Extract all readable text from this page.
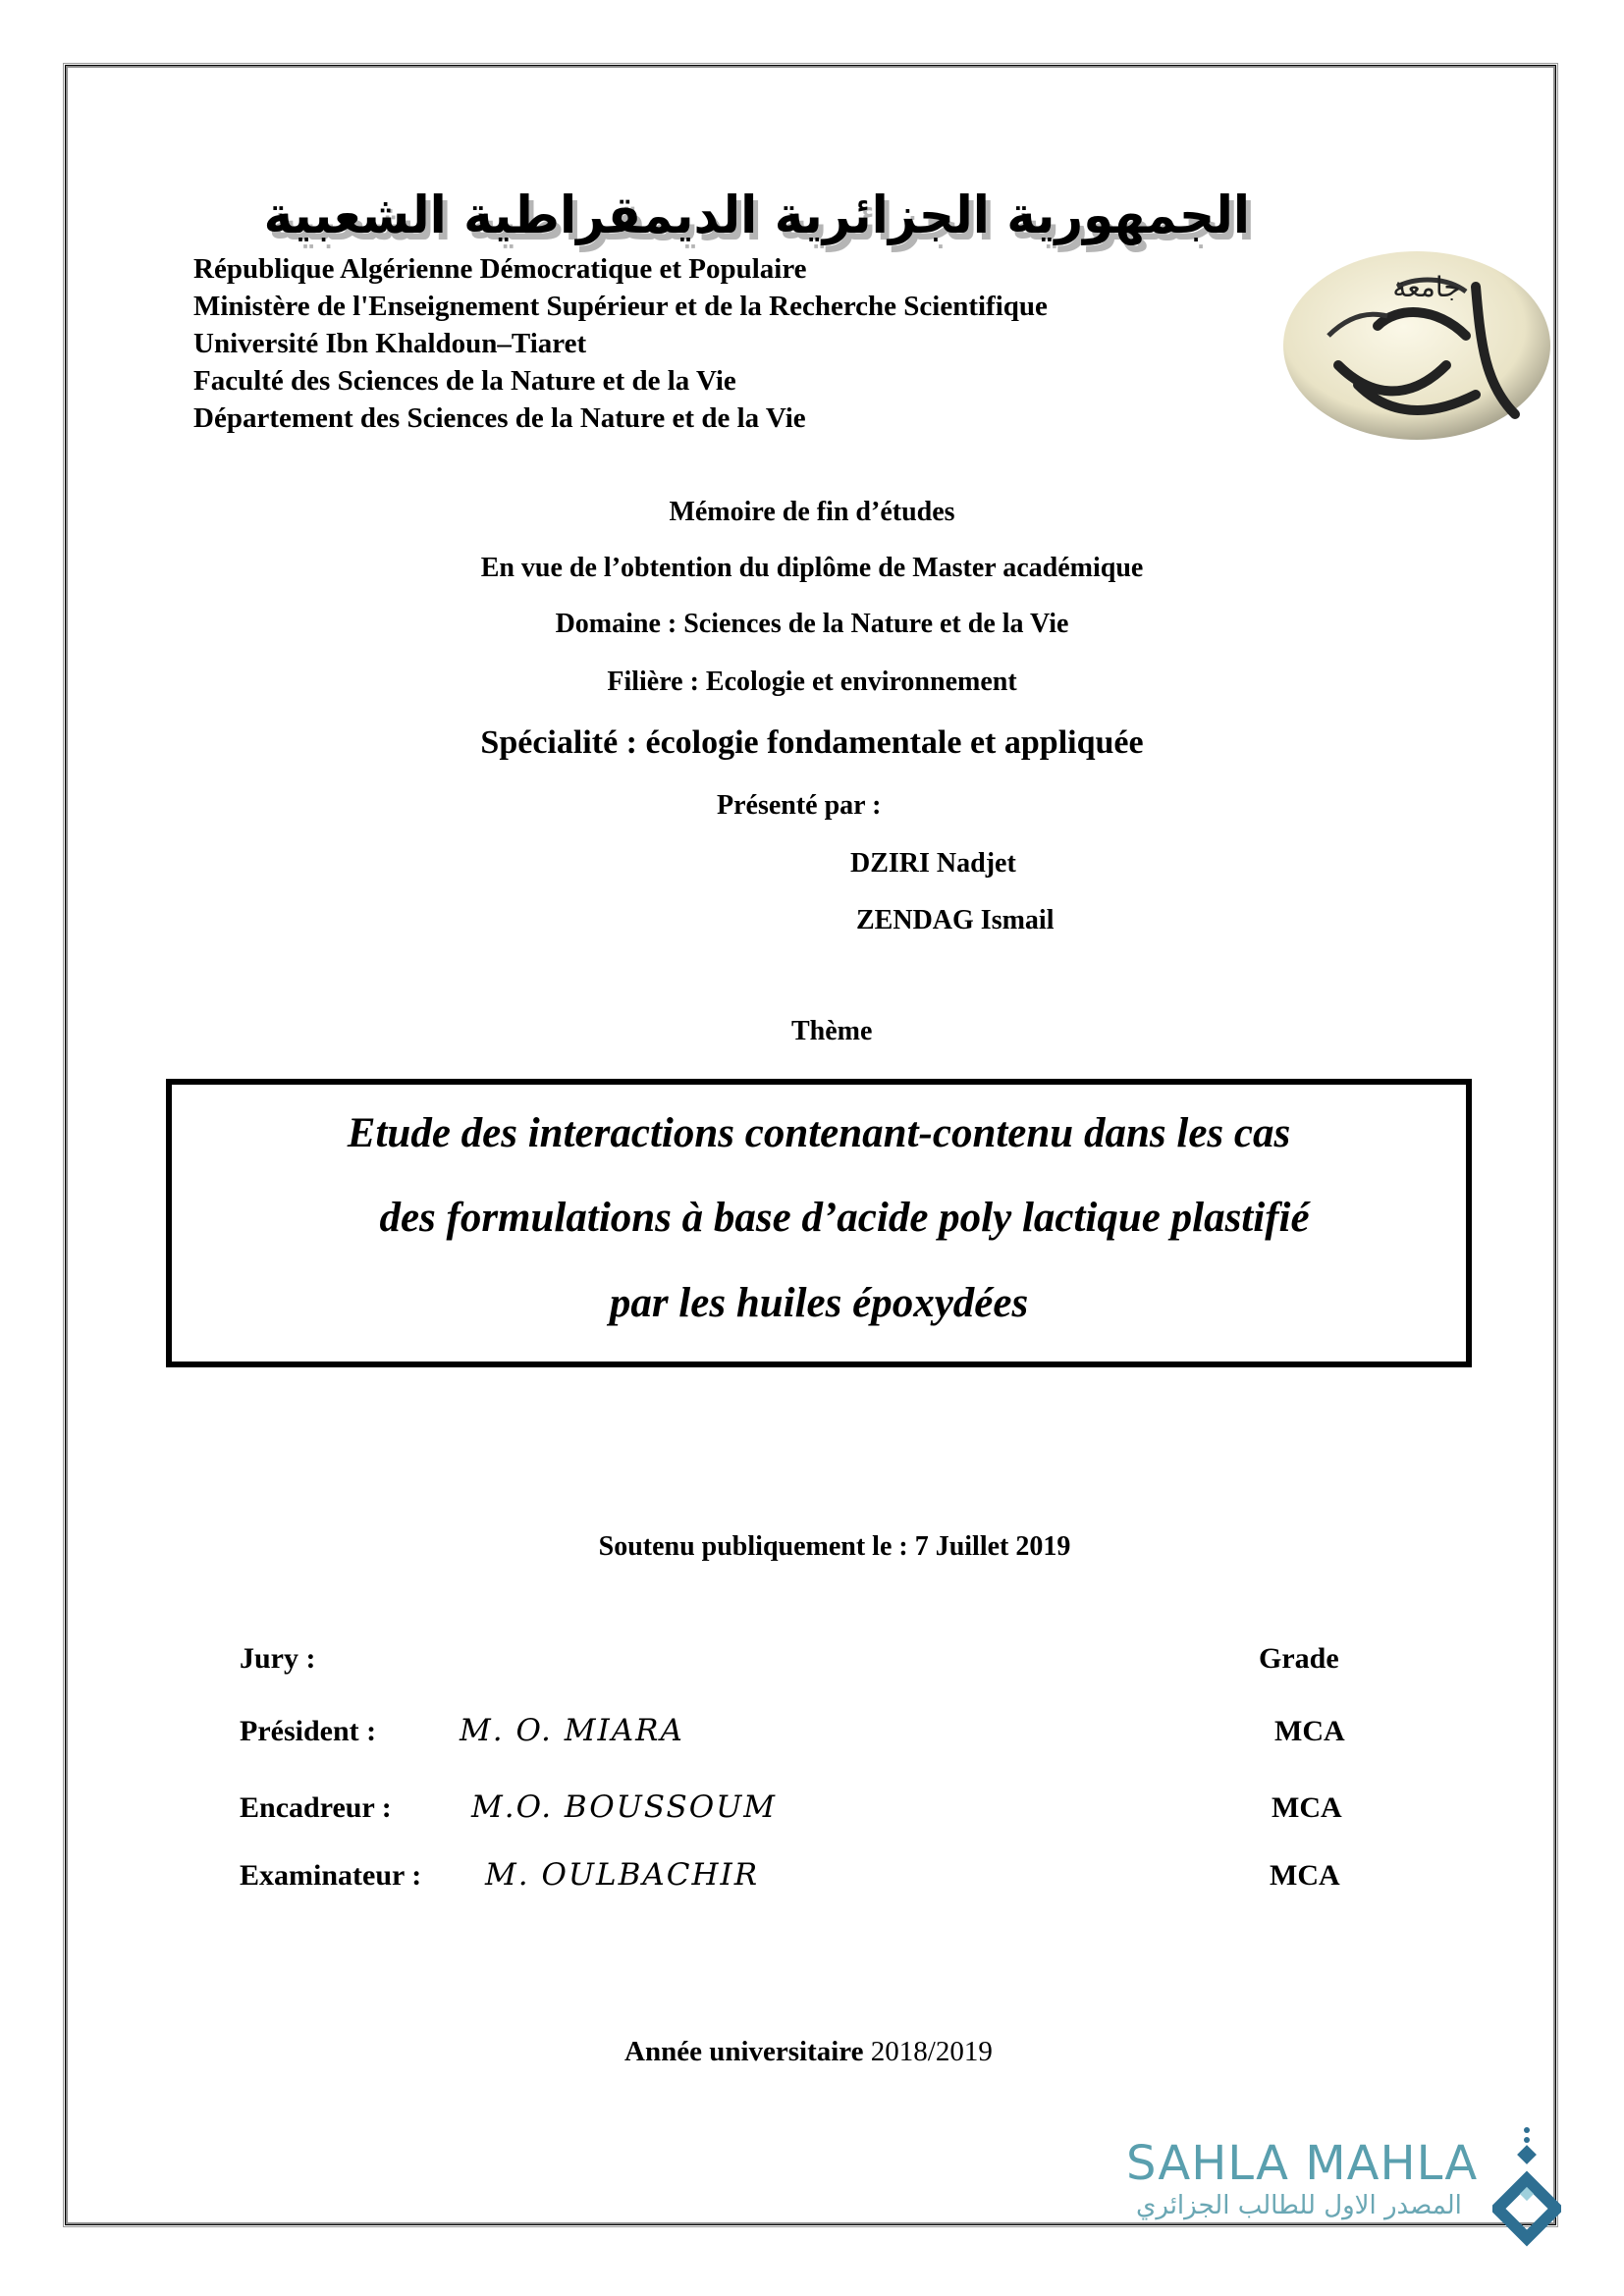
الجمهورية الجزائرية الديمقراطية الشعبية
République Algérienne Démocratique et Populaire
Ministère de l'Enseignement Supérieur et de la Recherche Scientifique
Université Ibn Khaldoun–Tiaret
Faculté des Sciences de la Nature et de la Vie
Département des Sciences de la Nature et de la Vie
جامعة
Mémoire de fin d’études
En vue de l’obtention du diplôme de Master académique
Domaine : Sciences de la Nature et de la Vie
Filière : Ecologie et environnement
Spécialité : écologie fondamentale et appliquée
Présenté par :
DZIRI Nadjet
ZENDAG Ismail
Thème
Etude des interactions contenant-contenu dans les cas
des formulations à base d’acide poly lactique plastifié
par les huiles époxydées
Soutenu publiquement le : 7 Juillet 2019
Jury :	Grade
Président :	M. O. MIARA	MCA
Encadreur :	M.O. BOUSSOUM	MCA
Examinateur : M. OULBACHIR	MCA
Année universitaire 2018/2019
SAHLA MAHLA
المصدر الاول للطالب الجزائري
